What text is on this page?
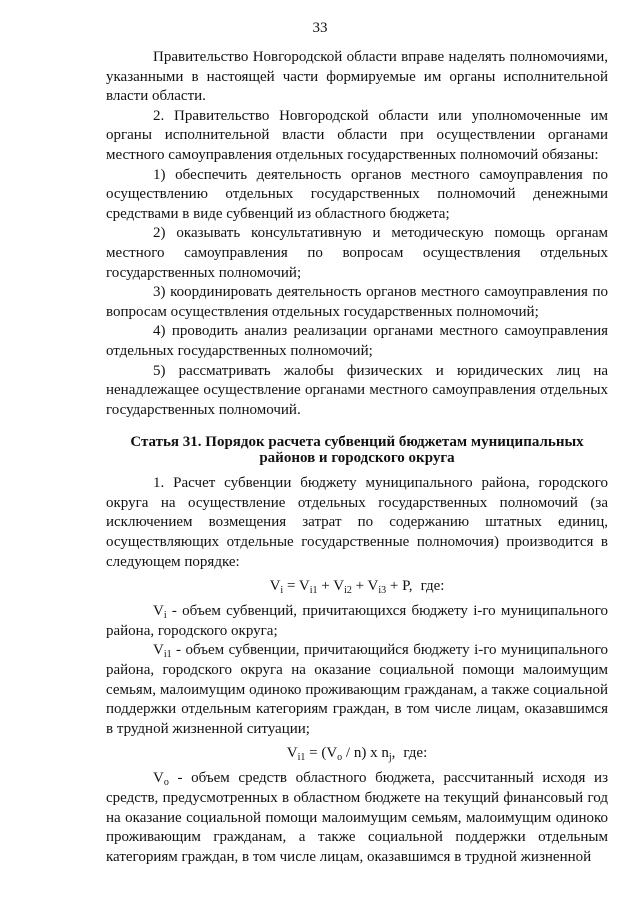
33

Правительство Новгородской области вправе наделять полномочиями, указанными в настоящей части формируемые им органы исполнительной власти области.

2. Правительство Новгородской области или уполномоченные им органы исполнительной власти области при осуществлении органами местного самоуправления отдельных государственных полномочий обязаны:

1) обеспечить деятельность органов местного самоуправления по осуществлению отдельных государственных полномочий денежными средствами в виде субвенций из областного бюджета;

2) оказывать консультативную и методическую помощь органам местного самоуправления по вопросам осуществления отдельных государственных полномочий;

3) координировать деятельность органов местного самоуправления по вопросам осуществления отдельных государственных полномочий;

4) проводить анализ реализации органами местного самоуправления отдельных государственных полномочий;

5) рассматривать жалобы физических и юридических лиц на ненадлежащее осуществление органами местного самоуправления отдельных государственных полномочий.

Статья 31. Порядок расчета субвенций бюджетам муниципальных
районов и городского округа

1. Расчет субвенции бюджету муниципального района, городского округа на осуществление отдельных государственных полномочий (за исключением возмещения затрат по содержанию штатных единиц, осуществляющих отдельные государственные полномочия) производится в следующем порядке:

$V_i = V_{i1} + V_{i2} + V_{i3} + P$, где:

$V_i$ - объем субвенций, причитающихся бюджету i-го муниципального района, городского округа;

$V_{i1}$ - объем субвенции, причитающийся бюджету i-го муниципального района, городского округа на оказание социальной помощи малоимущим семьям, малоимущим одиноко проживающим гражданам, а также социальной поддержки отдельным категориям граждан, в том числе лицам, оказавшимся в трудной жизненной ситуации;

$V_{i1} = (V_o / n)$ x $n_j$, где:

$V_o$ - объем средств областного бюджета, рассчитанный исходя из средств, предусмотренных в областном бюджете на текущий финансовый год на оказание социальной помощи малоимущим семьям, малоимущим одиноко проживающим гражданам, а также социальной поддержки отдельным категориям граждан, в том числе лицам, оказавшимся в трудной жизненной
